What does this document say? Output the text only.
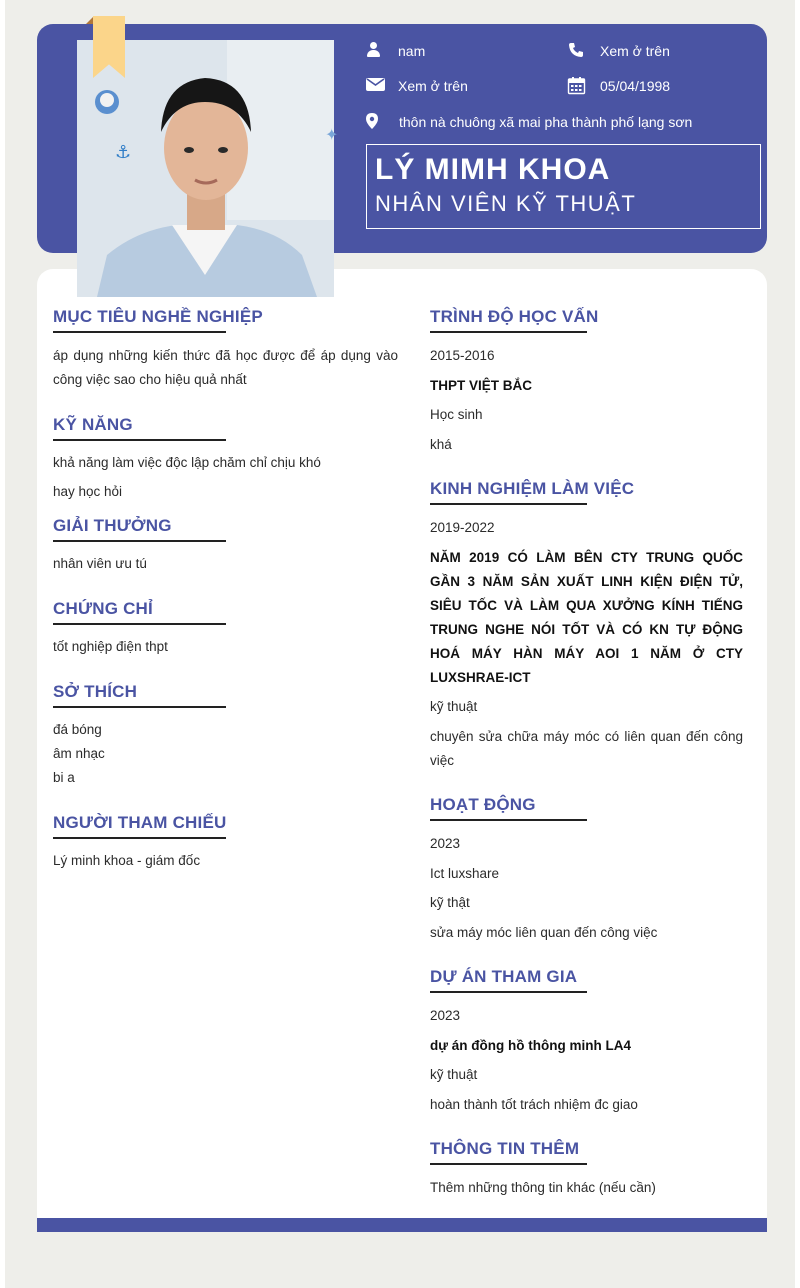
⚓
✦
nam	Xem ở trên
Xem ở trên	05/04/1998
thôn nà chuông xã mai pha thành phố lạng sơn
LÝ MIMH KHOA
NHÂN VIÊN KỸ THUẬT
MỤC TIÊU NGHỀ NGHIỆP
áp dụng những kiến thức đã học được để áp dụng vào công việc sao cho hiệu quả nhất
KỸ NĂNG
khả năng làm việc độc lập chăm chỉ chịu khó
hay học hỏi
GIẢI THƯỞNG
nhân viên ưu tú
CHỨNG CHỈ
tốt nghiệp điện thpt
SỞ THÍCH
đá bóng
âm nhạc
bi a
NGƯỜI THAM CHIẾU
Lý minh khoa - giám đốc
TRÌNH ĐỘ HỌC VẤN
2015-2016
THPT VIỆT BẮC
Học sinh
khá
KINH NGHIỆM LÀM VIỆC
2019-2022
NĂM 2019 CÓ LÀM BÊN CTY TRUNG QUỐC GẦN 3 NĂM SẢN XUẤT LINH KIỆN ĐIỆN TỬ, SIÊU TỐC VÀ LÀM QUA XƯỞNG KÍNH TIẾNG TRUNG NGHE NÓI TỐT VÀ CÓ KN TỰ ĐỘNG HOÁ MÁY HÀN MÁY AOI 1 NĂM Ở CTY LUXSHRAE-ICT
kỹ thuật
chuyên sửa chữa máy móc có liên quan đến công việc
HOẠT ĐỘNG
2023
Ict luxshare
kỹ thật
sửa máy móc liên quan đến công việc
DỰ ÁN THAM GIA
2023
dự án đồng hồ thông minh LA4
kỹ thuật
hoàn thành tốt trách nhiệm đc giao
THÔNG TIN THÊM
Thêm những thông tin khác (nếu cần)
